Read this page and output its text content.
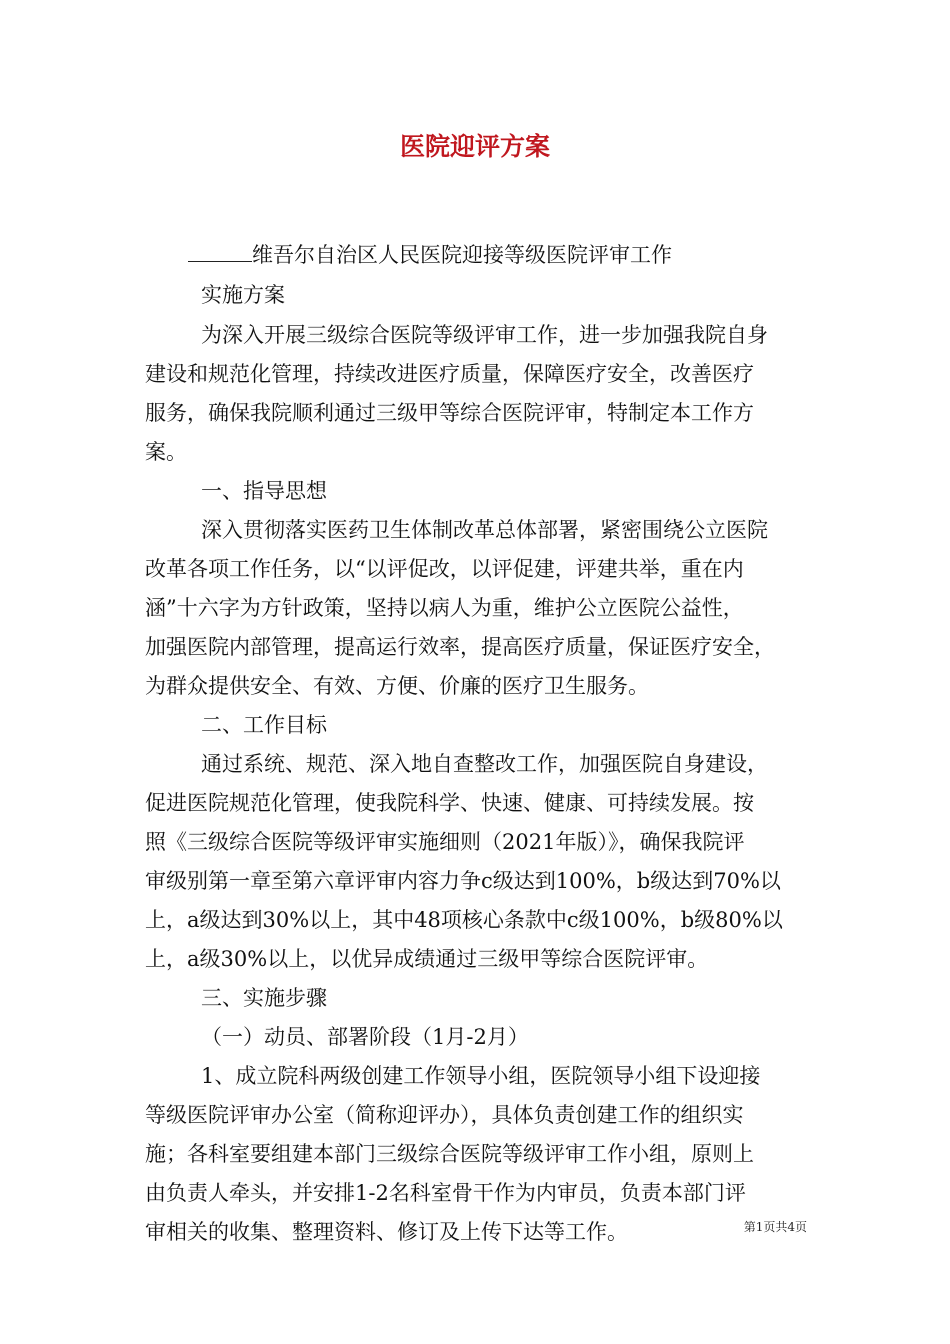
医院迎评方案
维吾尔自治区人民医院迎接等级医院评审工作
实施方案
为深入开展三级综合医院等级评审工作，进一步加强我院自身
建设和规范化管理，持续改进医疗质量，保障医疗安全，改善医疗
服务，确保我院顺利通过三级甲等综合医院评审，特制定本工作方
案。
一、指导思想
深入贯彻落实医药卫生体制改革总体部署，紧密围绕公立医院
改革各项工作任务，以“以评促改，以评促建，评建共举，重在内
涵”十六字为方针政策，坚持以病人为重，维护公立医院公益性，
加强医院内部管理，提高运行效率，提高医疗质量，保证医疗安全，
为群众提供安全、有效、方便、价廉的医疗卫生服务。
二、工作目标
通过系统、规范、深入地自查整改工作，加强医院自身建设，
促进医院规范化管理，使我院科学、快速、健康、可持续发展。按
照《三级综合医院等级评审实施细则（2021年版）》，确保我院评
审级别第一章至第六章评审内容力争c级达到100%，b级达到70%以
上，a级达到30%以上，其中48项核心条款中c级100%，b级80%以
上，a级30%以上，以优异成绩通过三级甲等综合医院评审。
三、实施步骤
（一）动员、部署阶段（1月-2月）
1、成立院科两级创建工作领导小组，医院领导小组下设迎接
等级医院评审办公室（简称迎评办），具体负责创建工作的组织实
施；各科室要组建本部门三级综合医院等级评审工作小组，原则上
由负责人牵头，并安排1-2名科室骨干作为内审员，负责本部门评
审相关的收集、整理资料、修订及上传下达等工作。	第1页共4页
